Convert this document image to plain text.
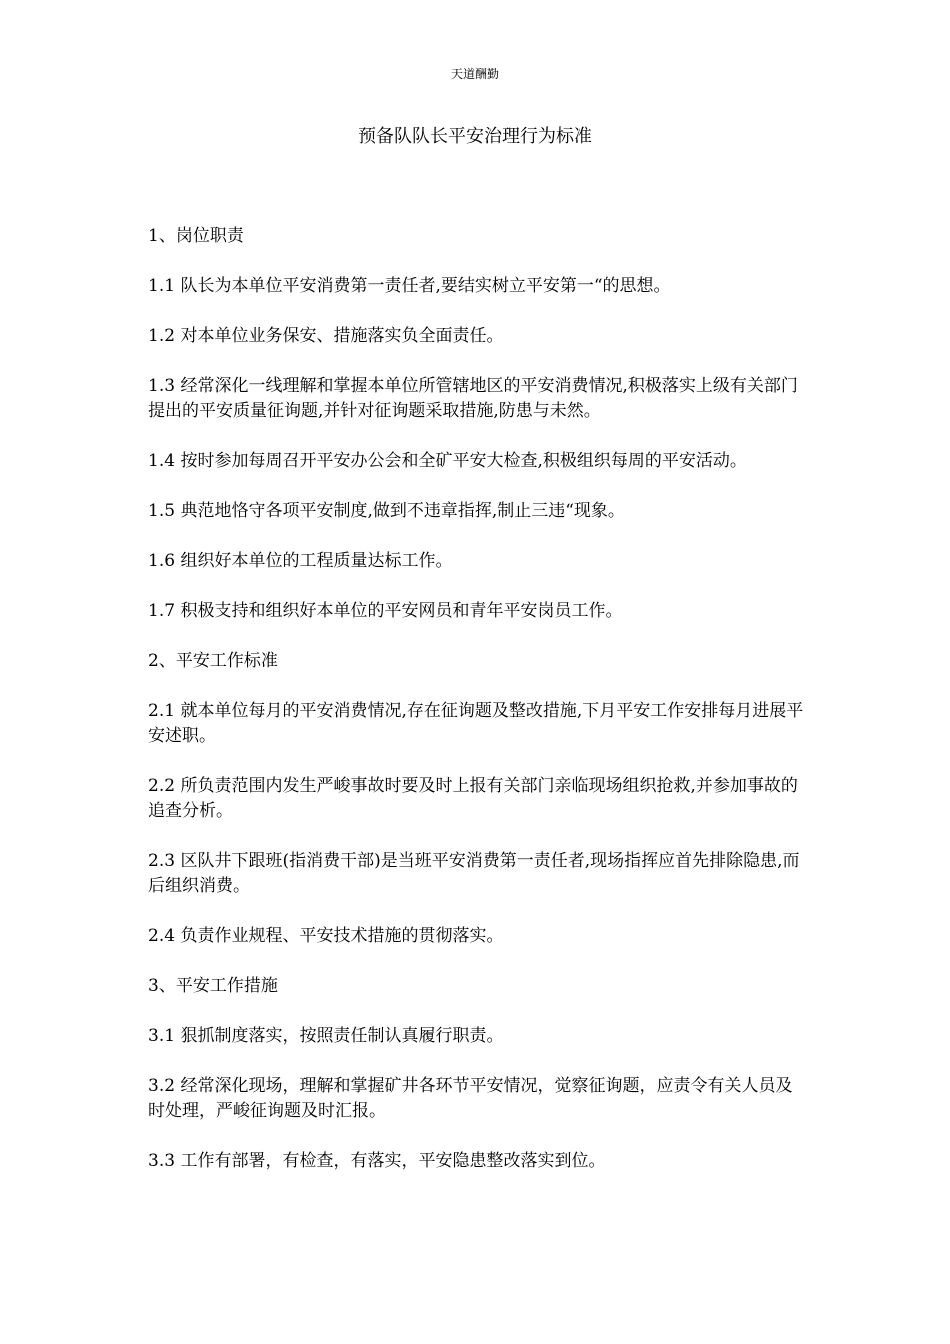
天道酬勤
预备队队长平安治理行为标准

1、岗位职责

1.1 队长为本单位平安消费第一责任者,要结实树立平安第一“的思想。

1.2 对本单位业务保安、措施落实负全面责任。

1.3 经常深化一线理解和掌握本单位所管辖地区的平安消费情况,积极落实上级有关部门提出的平安质量征询题,并针对征询题采取措施,防患与未然。

1.4 按时参加每周召开平安办公会和全矿平安大检查,积极组织每周的平安活动。

1.5 典范地恪守各项平安制度,做到不违章指挥,制止三违“现象。

1.6 组织好本单位的工程质量达标工作。

1.7 积极支持和组织好本单位的平安网员和青年平安岗员工作。

2、平安工作标准

2.1 就本单位每月的平安消费情况,存在征询题及整改措施,下月平安工作安排每月进展平安述职。

2.2 所负责范围内发生严峻事故时要及时上报有关部门亲临现场组织抢救,并参加事故的追查分析。

2.3 区队井下跟班(指消费干部)是当班平安消费第一责任者,现场指挥应首先排除隐患,而后组织消费。

2.4 负责作业规程、平安技术措施的贯彻落实。

3、平安工作措施

3.1 狠抓制度落实，按照责任制认真履行职责。

3.2 经常深化现场，理解和掌握矿井各环节平安情况，觉察征询题，应责令有关人员及时处理，严峻征询题及时汇报。

3.3 工作有部署，有检查，有落实，平安隐患整改落实到位。
